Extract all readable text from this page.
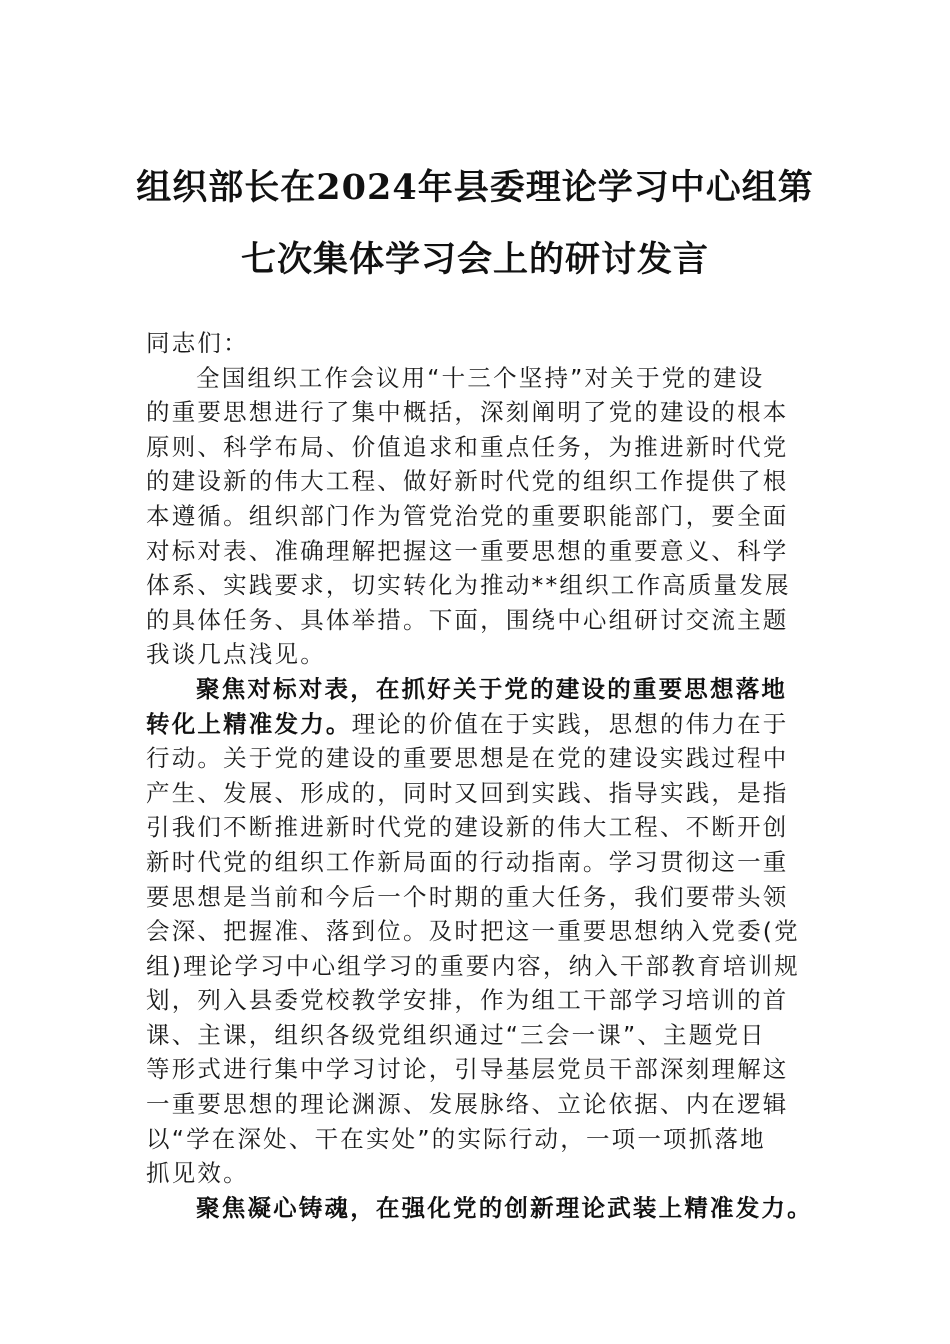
组织部长在2024年县委理论学习中心组第
七次集体学习会上的研讨发言
同志们：
全国组织工作会议用“十三个坚持”对关于党的建设
的重要思想进行了集中概括，深刻阐明了党的建设的根本
原则、科学布局、价值追求和重点任务，为推进新时代党
的建设新的伟大工程、做好新时代党的组织工作提供了根
本遵循。组织部门作为管党治党的重要职能部门，要全面
对标对表、准确理解把握这一重要思想的重要意义、科学
体系、实践要求，切实转化为推动**组织工作高质量发展
的具体任务、具体举措。下面，围绕中心组研讨交流主题
我谈几点浅见。
聚焦对标对表，在抓好关于党的建设的重要思想落地
转化上精准发力。理论的价值在于实践，思想的伟力在于
行动。关于党的建设的重要思想是在党的建设实践过程中
产生、发展、形成的，同时又回到实践、指导实践，是指
引我们不断推进新时代党的建设新的伟大工程、不断开创
新时代党的组织工作新局面的行动指南。学习贯彻这一重
要思想是当前和今后一个时期的重大任务，我们要带头领
会深、把握准、落到位。及时把这一重要思想纳入党委(党
组)理论学习中心组学习的重要内容，纳入干部教育培训规
划，列入县委党校教学安排，作为组工干部学习培训的首
课、主课，组织各级党组织通过“三会一课”、主题党日
等形式进行集中学习讨论，引导基层党员干部深刻理解这
一重要思想的理论渊源、发展脉络、立论依据、内在逻辑
以“学在深处、干在实处”的实际行动，一项一项抓落地
抓见效。
聚焦凝心铸魂，在强化党的创新理论武装上精准发力。
